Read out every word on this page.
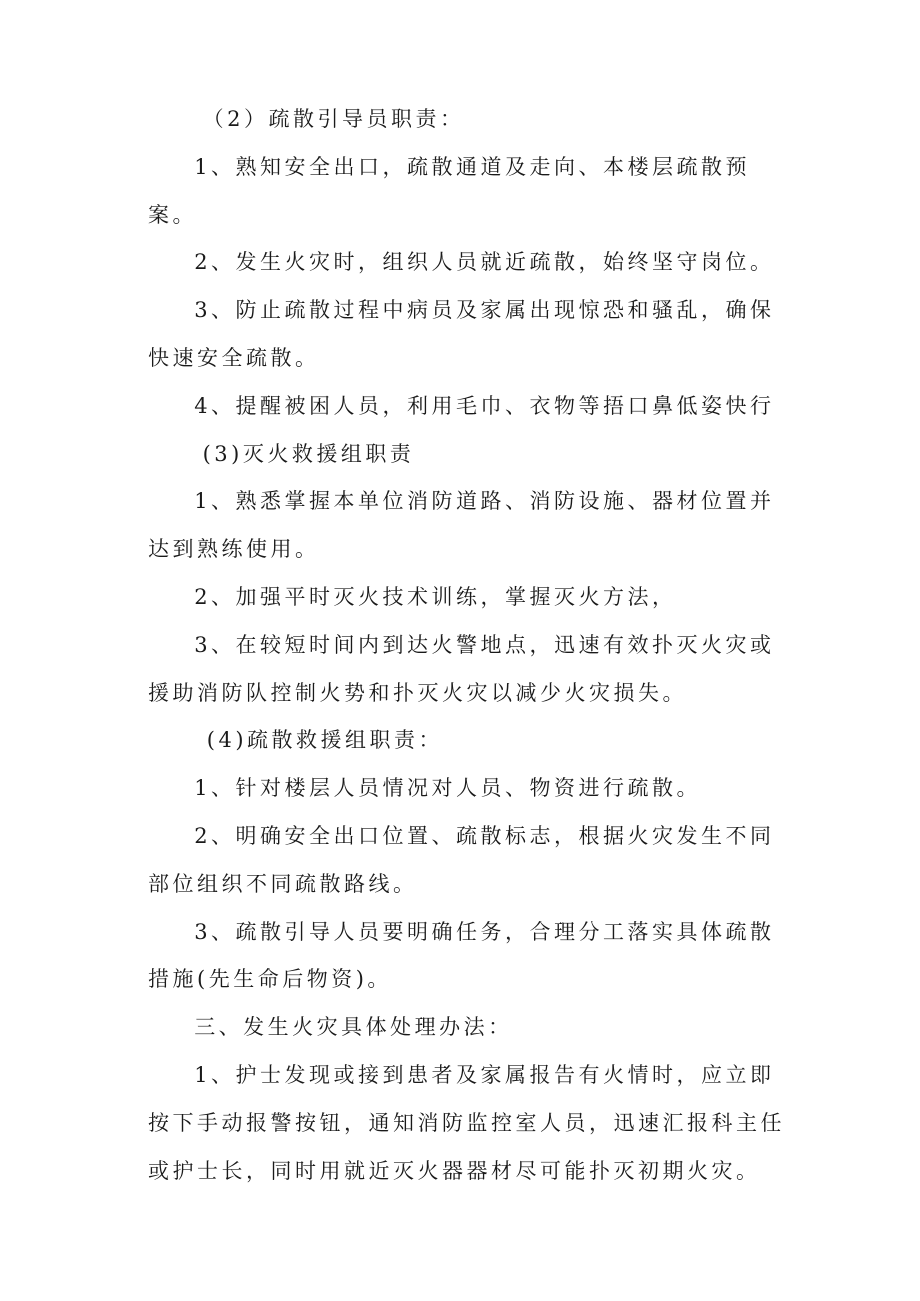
（2）疏散引导员职责：

1、熟知安全出口，疏散通道及走向、本楼层疏散预案。

2、发生火灾时，组织人员就近疏散，始终坚守岗位。

3、防止疏散过程中病员及家属出现惊恐和骚乱，确保快速安全疏散。

4、提醒被困人员，利用毛巾、衣物等捂口鼻低姿快行

(3)灭火救援组职责

1、熟悉掌握本单位消防道路、消防设施、器材位置并达到熟练使用。

2、加强平时灭火技术训练，掌握灭火方法，

3、在较短时间内到达火警地点，迅速有效扑灭火灾或援助消防队控制火势和扑灭火灾以减少火灾损失。

(4)疏散救援组职责：

1、针对楼层人员情况对人员、物资进行疏散。

2、明确安全出口位置、疏散标志，根据火灾发生不同部位组织不同疏散路线。

3、疏散引导人员要明确任务，合理分工落实具体疏散措施(先生命后物资)。

三、发生火灾具体处理办法：

1、护士发现或接到患者及家属报告有火情时，应立即按下手动报警按钮，通知消防监控室人员，迅速汇报科主任或护士长，同时用就近灭火器器材尽可能扑灭初期火灾。
